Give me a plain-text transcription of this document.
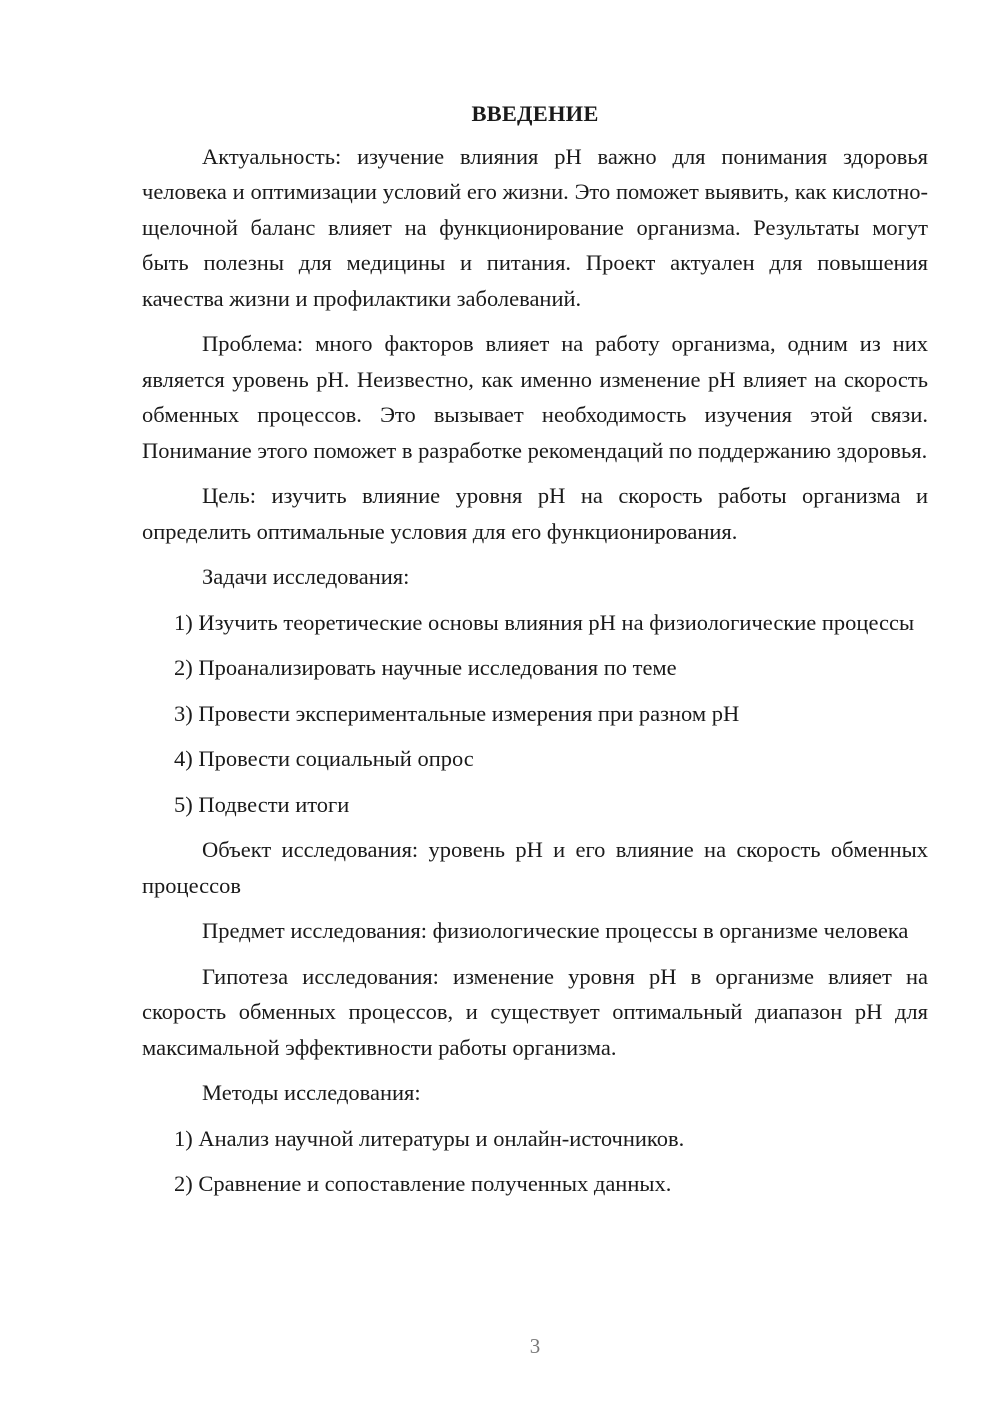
ВВЕДЕНИЕ

Актуальность: изучение влияния pH важно для понимания здоровья человека и оптимизации условий его жизни. Это поможет выявить, как кислотно-щелочной баланс влияет на функционирование организма. Результаты могут быть полезны для медицины и питания. Проект актуален для повышения качества жизни и профилактики заболеваний.

Проблема: много факторов влияет на работу организма, одним из них является уровень pH. Неизвестно, как именно изменение pH влияет на скорость обменных процессов. Это вызывает необходимость изучения этой связи. Понимание этого поможет в разработке рекомендаций по поддержанию здоровья.

Цель: изучить влияние уровня pH на скорость работы организма и определить оптимальные условия для его функционирования.

Задачи исследования:

1) Изучить теоретические основы влияния pH на физиологические процессы

2) Проанализировать научные исследования по теме

3) Провести экспериментальные измерения при разном pH

4) Провести социальный опрос

5) Подвести итоги

Объект исследования: уровень pH и его влияние на скорость обменных процессов

Предмет исследования: физиологические процессы в организме человека

Гипотеза исследования: изменение уровня pH в организме влияет на скорость обменных процессов, и существует оптимальный диапазон pH для максимальной эффективности работы организма.

Методы исследования:

1) Анализ научной литературы и онлайн-источников.

2) Сравнение и сопоставление полученных данных.

3
